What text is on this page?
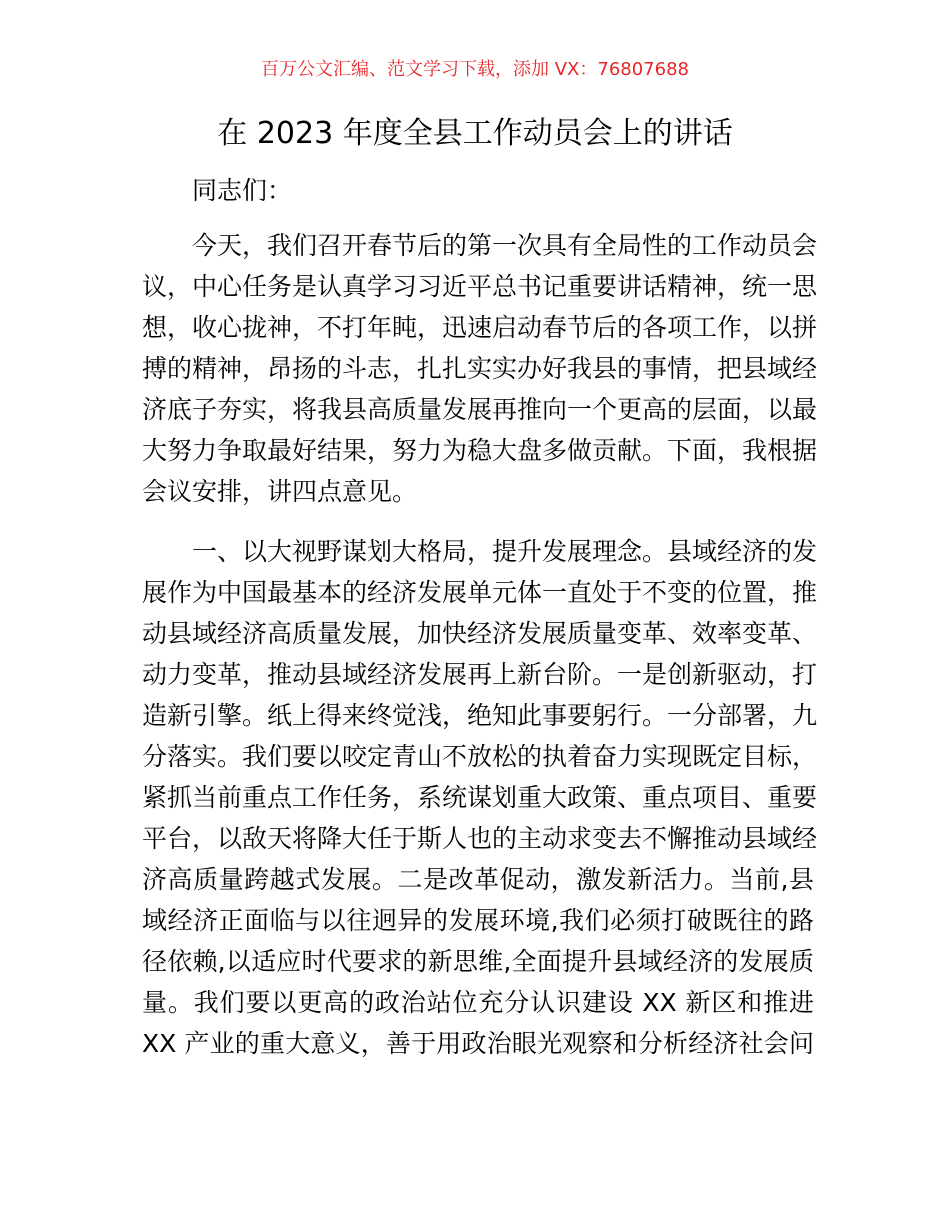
百万公文汇编、范文学习下载，添加 VX：76807688
在 2023 年度全县工作动员会上的讲话
同志们：
今天，我们召开春节后的第一次具有全局性的工作动员会
议，中心任务是认真学习习近平总书记重要讲话精神，统一思
想，收心拢神，不打年盹，迅速启动春节后的各项工作，以拼
搏的精神，昂扬的斗志，扎扎实实办好我县的事情，把县域经
济底子夯实，将我县高质量发展再推向一个更高的层面，以最
大努力争取最好结果，努力为稳大盘多做贡献。下面，我根据
会议安排，讲四点意见。
一、以大视野谋划大格局，提升发展理念。县域经济的发
展作为中国最基本的经济发展单元体一直处于不变的位置，推
动县域经济高质量发展，加快经济发展质量变革、效率变革、
动力变革，推动县域经济发展再上新台阶。一是创新驱动，打
造新引擎。纸上得来终觉浅，绝知此事要躬行。一分部署，九
分落实。我们要以咬定青山不放松的执着奋力实现既定目标，
紧抓当前重点工作任务，系统谋划重大政策、重点项目、重要
平台，以敌天将降大任于斯人也的主动求变去不懈推动县域经
济高质量跨越式发展。二是改革促动，激发新活力。当前,县
域经济正面临与以往迥异的发展环境,我们必须打破既往的路
径依赖,以适应时代要求的新思维,全面提升县域经济的发展质
量。我们要以更高的政治站位充分认识建设 XX 新区和推进
XX 产业的重大意义，善于用政治眼光观察和分析经济社会问
